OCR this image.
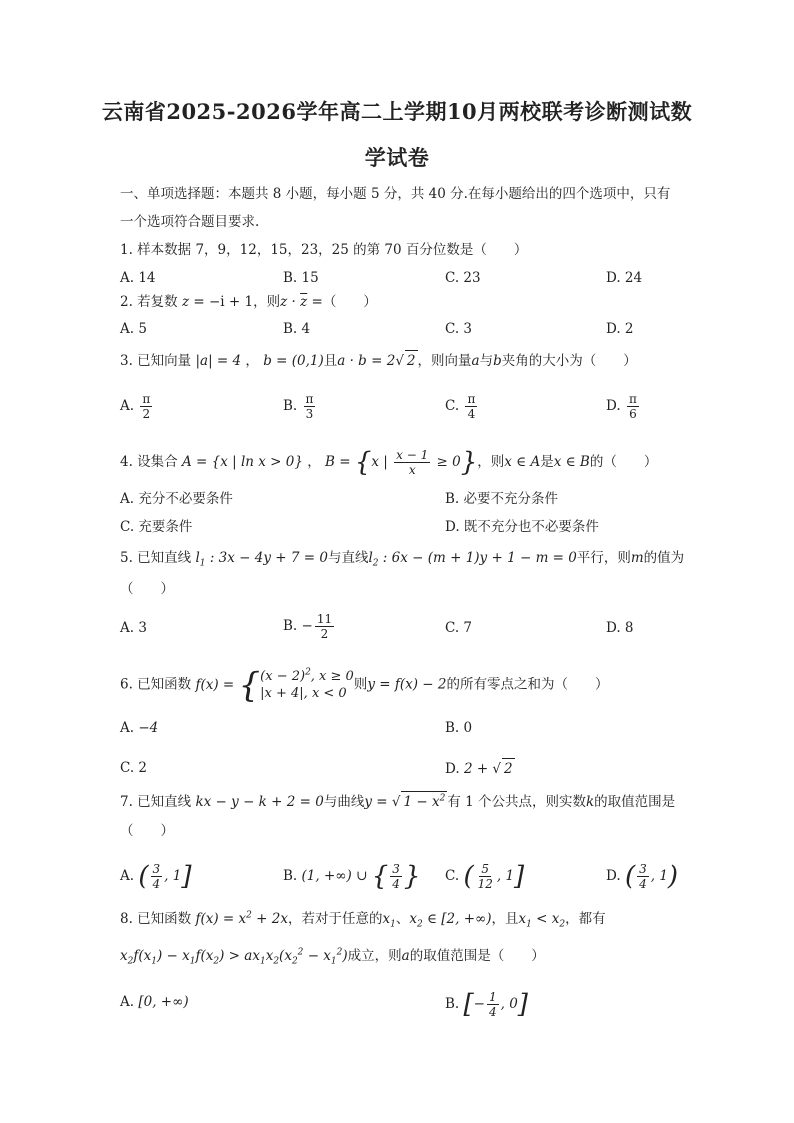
云南省2025-2026学年高二上学期10月两校联考诊断测试数
学试卷
一、单项选择题：本题共 8 小题，每小题 5 分，共 40 分.在每小题给出的四个选项中，只有
一个选项符合题目要求.
1. 样本数据 7，9，12，15，23，25 的第 70 百分位数是（　　）
A. 14	B. 15	C. 23	D. 24
2. 若复数 z = −i + 1，则$z \cdot \overline{z}$ =（　　）
A. 5	B. 4	C. 3	D. 2
3. 已知向量 |a| = 4 ， b = (0,1)且a · b = 2√ 2 ，则向量a与b夹角的大小为（　　）
A. $\frac{\pi}{2}$	B. $\frac{\pi}{3}$	C. $\frac{\pi}{4}$	D. $\frac{\pi}{6}$
4. 设集合 A = {x | ln x > 0} ， B = {x | $\frac{x - 1}{x} \ge 0$}，则x ∈ A是x ∈ B的（　　）
A. 充分不必要条件	B. 必要不充分条件
C. 充要条件	D. 既不充分也不必要条件
5. 已知直线 $l_1$ : 3x − 4y + 7 = 0与直线$l_2$ : 6x − (m + 1)y + 1 − m = 0平行，则m的值为
（　　）
A. 3	B. − $\frac{11}{2}$	C. 7	D. 8
6. 已知函数 f(x) = { $(x - 2)^2$, x ≥ 0
|x + 4|, x < 0
则y = f(x) − 2的所有零点之和为（　　）
A. −4	B. 0
C. 2	D. 2 + √ 2
7. 已知直线 kx − y − k + 2 = 0与曲线y = √ $1 - x^2$ 有 1 个公共点，则实数k的取值范围是
（　　）
A. ( $\frac{3}{4}$ , 1]	B. (1, +∞) ∪ { $\frac{3}{4}$ } C. ( $\frac{5}{12}$ , 1]	D. ( $\frac{3}{4}$ , 1)
8. 已知函数 $f(x) = x^2 + 2x$，若对于任意的$x_1$、$x_2$ ∈ [2, +∞)，且$x_1 < x_2$，都有
$x_2f(x_1) - x_1f(x_2) > ax_1x_2(x_2^2 - x_1^2)$成立，则a的取值范围是（　　）
A. [0, +∞)	B. [− $\frac{1}{4}$ , 0]
